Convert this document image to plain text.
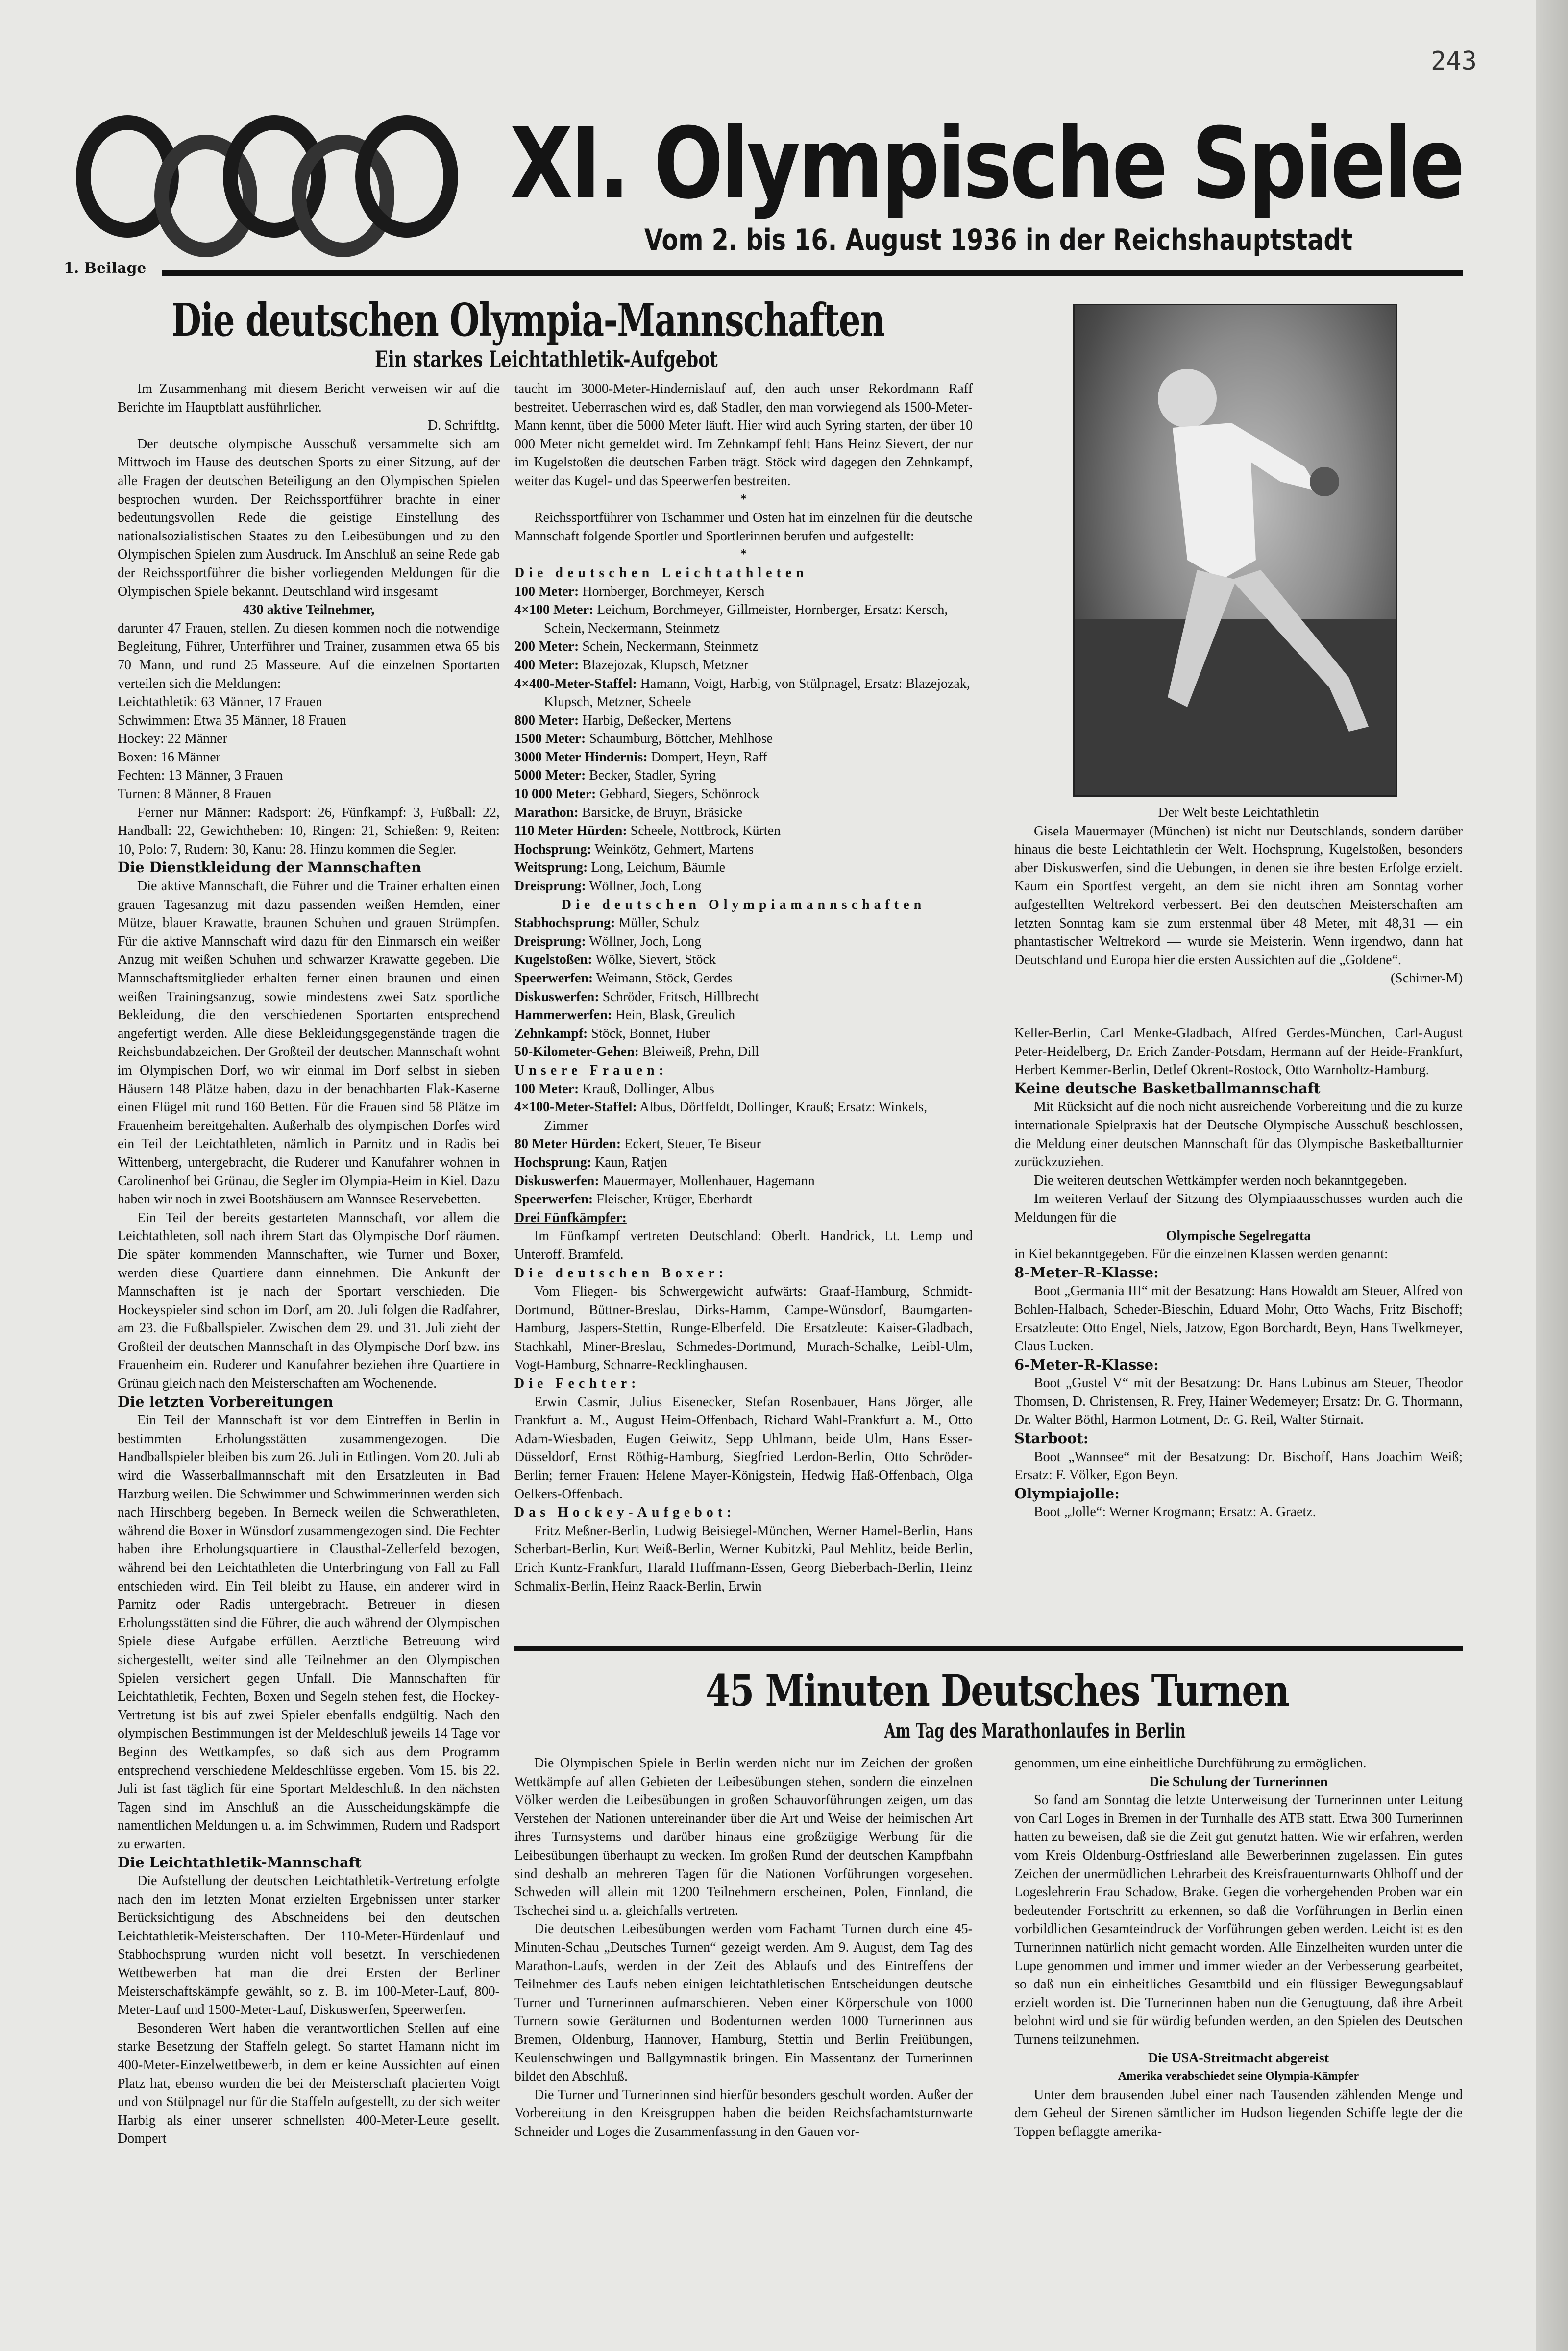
243
XI. Olympische Spiele
Vom 2. bis 16. August 1936 in der Reichshauptstadt
1. Beilage
Die deutschen Olympia-Mannschaften
Ein starkes Leichtathletik-Aufgebot

Im Zusammenhang mit diesem Bericht verweisen wir auf die Berichte im Hauptblatt ausführlicher.

D. Schriftltg.

Der deutsche olympische Ausschuß versammelte sich am Mittwoch im Hause des deutschen Sports zu einer Sitzung, auf der alle Fragen der deutschen Beteiligung an den Olympischen Spielen besprochen wurden. Der Reichssportführer brachte in einer bedeutungsvollen Rede die geistige Einstellung des nationalsozialistischen Staates zu den Leibesübungen und zu den Olympischen Spielen zum Ausdruck. Im Anschluß an seine Rede gab der Reichssportführer die bisher vorliegenden Meldungen für die Olympischen Spiele bekannt. Deutschland wird insgesamt

430 aktive Teilnehmer,

darunter 47 Frauen, stellen. Zu diesen kommen noch die notwendige Begleitung, Führer, Unterführer und Trainer, zusammen etwa 65 bis 70 Mann, und rund 25 Masseure. Auf die einzelnen Sportarten verteilen sich die Meldungen:

Leichtathletik: 63 Männer, 17 Frauen

Schwimmen: Etwa 35 Männer, 18 Frauen

Hockey: 22 Männer

Boxen: 16 Männer

Fechten: 13 Männer, 3 Frauen

Turnen: 8 Männer, 8 Frauen

Ferner nur Männer: Radsport: 26, Fünfkampf: 3, Fußball: 22, Handball: 22, Gewichtheben: 10, Ringen: 21, Schießen: 9, Reiten: 10, Polo: 7, Rudern: 30, Kanu: 28. Hinzu kommen die Segler.

Die Dienstkleidung der Mannschaften

Die aktive Mannschaft, die Führer und die Trainer erhalten einen grauen Tagesanzug mit dazu passenden weißen Hemden, einer Mütze, blauer Krawatte, braunen Schuhen und grauen Strümpfen. Für die aktive Mannschaft wird dazu für den Einmarsch ein weißer Anzug mit weißen Schuhen und schwarzer Krawatte gegeben. Die Mannschaftsmitglieder erhalten ferner einen braunen und einen weißen Trainingsanzug, sowie mindestens zwei Satz sportliche Bekleidung, die den verschiedenen Sportarten entsprechend angefertigt werden. Alle diese Bekleidungsgegenstände tragen die Reichsbundabzeichen. Der Großteil der deutschen Mannschaft wohnt im Olympischen Dorf, wo wir einmal im Dorf selbst in sieben Häusern 148 Plätze haben, dazu in der benachbarten Flak-Kaserne einen Flügel mit rund 160 Betten. Für die Frauen sind 58 Plätze im Frauenheim bereitgehalten. Außerhalb des olympischen Dorfes wird ein Teil der Leichtathleten, nämlich in Parnitz und in Radis bei Wittenberg, untergebracht, die Ruderer und Kanufahrer wohnen in Carolinenhof bei Grünau, die Segler im Olympia-Heim in Kiel. Dazu haben wir noch in zwei Bootshäusern am Wannsee Reservebetten.

Ein Teil der bereits gestarteten Mannschaft, vor allem die Leichtathleten, soll nach ihrem Start das Olympische Dorf räumen. Die später kommenden Mannschaften, wie Turner und Boxer, werden diese Quartiere dann einnehmen. Die Ankunft der Mannschaften ist je nach der Sportart verschieden. Die Hockeyspieler sind schon im Dorf, am 20. Juli folgen die Radfahrer, am 23. die Fußballspieler. Zwischen dem 29. und 31. Juli zieht der Großteil der deutschen Mannschaft in das Olympische Dorf bzw. ins Frauenheim ein. Ruderer und Kanufahrer beziehen ihre Quartiere in Grünau gleich nach den Meisterschaften am Wochenende.

Die letzten Vorbereitungen

Ein Teil der Mannschaft ist vor dem Eintreffen in Berlin in bestimmten Erholungsstätten zusammengezogen. Die Handballspieler bleiben bis zum 26. Juli in Ettlingen. Vom 20. Juli ab wird die Wasserballmannschaft mit den Ersatzleuten in Bad Harzburg weilen. Die Schwimmer und Schwimmerinnen werden sich nach Hirschberg begeben. In Berneck weilen die Schwerathleten, während die Boxer in Wünsdorf zusammengezogen sind. Die Fechter haben ihre Erholungsquartiere in Clausthal-Zellerfeld bezogen, während bei den Leichtathleten die Unterbringung von Fall zu Fall entschieden wird. Ein Teil bleibt zu Hause, ein anderer wird in Parnitz oder Radis untergebracht. Betreuer in diesen Erholungsstätten sind die Führer, die auch während der Olympischen Spiele diese Aufgabe erfüllen. Aerztliche Betreuung wird sichergestellt, weiter sind alle Teilnehmer an den Olympischen Spielen versichert gegen Unfall. Die Mannschaften für Leichtathletik, Fechten, Boxen und Segeln stehen fest, die Hockey-Vertretung ist bis auf zwei Spieler ebenfalls endgültig. Nach den olympischen Bestimmungen ist der Meldeschluß jeweils 14 Tage vor Beginn des Wettkampfes, so daß sich aus dem Programm entsprechend verschiedene Meldeschlüsse ergeben. Vom 15. bis 22. Juli ist fast täglich für eine Sportart Meldeschluß. In den nächsten Tagen sind im Anschluß an die Ausscheidungskämpfe die namentlichen Meldungen u. a. im Schwimmen, Rudern und Radsport zu erwarten.

Die Leichtathletik-Mannschaft

Die Aufstellung der deutschen Leichtathletik-Vertretung erfolgte nach den im letzten Monat erzielten Ergebnissen unter starker Berücksichtigung des Abschneidens bei den deutschen Leichtathletik-Meisterschaften. Der 110-Meter-Hürdenlauf und Stabhochsprung wurden nicht voll besetzt. In verschiedenen Wettbewerben hat man die drei Ersten der Berliner Meisterschaftskämpfe gewählt, so z. B. im 100-Meter-Lauf, 800-Meter-Lauf und 1500-Meter-Lauf, Diskuswerfen, Speerwerfen.

Besonderen Wert haben die verantwortlichen Stellen auf eine starke Besetzung der Staffeln gelegt. So startet Hamann nicht im 400-Meter-Einzelwettbewerb, in dem er keine Aussichten auf einen Platz hat, ebenso wurden die bei der Meisterschaft placierten Voigt und von Stülpnagel nur für die Staffeln aufgestellt, zu der sich weiter Harbig als einer unserer schnellsten 400-Meter-Leute gesellt. Dompert

taucht im 3000-Meter-Hindernislauf auf, den auch unser Rekordmann Raff bestreitet. Ueberraschen wird es, daß Stadler, den man vorwiegend als 1500-Meter-Mann kennt, über die 5000 Meter läuft. Hier wird auch Syring starten, der über 10 000 Meter nicht gemeldet wird. Im Zehnkampf fehlt Hans Heinz Sievert, der nur im Kugelstoßen die deutschen Farben trägt. Stöck wird dagegen den Zehnkampf, weiter das Kugel- und das Speerwerfen bestreiten.

*

Reichssportführer von Tschammer und Osten hat im einzelnen für die deutsche Mannschaft folgende Sportler und Sportlerinnen berufen und aufgestellt:

*

Die deutschen Leichtathleten

100 Meter: Hornberger, Borchmeyer, Kersch
4×100 Meter: Leichum, Borchmeyer, Gillmeister, Hornberger, Ersatz: Kersch, Schein, Neckermann, Steinmetz
200 Meter: Schein, Neckermann, Steinmetz
400 Meter: Blazejozak, Klupsch, Metzner
4×400-Meter-Staffel: Hamann, Voigt, Harbig, von Stülpnagel, Ersatz: Blazejozak, Klupsch, Metzner, Scheele
800 Meter: Harbig, Deßecker, Mertens
1500 Meter: Schaumburg, Böttcher, Mehlhose
3000 Meter Hindernis: Dompert, Heyn, Raff
5000 Meter: Becker, Stadler, Syring
10 000 Meter: Gebhard, Siegers, Schönrock
Marathon: Barsicke, de Bruyn, Bräsicke
110 Meter Hürden: Scheele, Nottbrock, Kürten
Hochsprung: Weinkötz, Gehmert, Martens
Weitsprung: Long, Leichum, Bäumle
Dreisprung: Wöllner, Joch, Long

Die deutschen Olympiamannschaften

Stabhochsprung: Müller, Schulz
Dreisprung: Wöllner, Joch, Long
Kugelstoßen: Wölke, Sievert, Stöck
Speerwerfen: Weimann, Stöck, Gerdes
Diskuswerfen: Schröder, Fritsch, Hillbrecht
Hammerwerfen: Hein, Blask, Greulich
Zehnkampf: Stöck, Bonnet, Huber
50-Kilometer-Gehen: Bleiweiß, Prehn, Dill

Unsere Frauen:

100 Meter: Krauß, Dollinger, Albus
4×100-Meter-Staffel: Albus, Dörffeldt, Dollinger, Krauß; Ersatz: Winkels, Zimmer
80 Meter Hürden: Eckert, Steuer, Te Biseur
Hochsprung: Kaun, Ratjen
Diskuswerfen: Mauermayer, Mollenhauer, Hagemann
Speerwerfen: Fleischer, Krüger, Eberhardt

Drei Fünfkämpfer:

Im Fünfkampf vertreten Deutschland: Oberlt. Handrick, Lt. Lemp und Unteroff. Bramfeld.

Die deutschen Boxer:

Vom Fliegen- bis Schwergewicht aufwärts: Graaf-Hamburg, Schmidt-Dortmund, Büttner-Breslau, Dirks-Hamm, Campe-Wünsdorf, Baumgarten-Hamburg, Jaspers-Stettin, Runge-Elberfeld. Die Ersatzleute: Kaiser-Gladbach, Stachkahl, Miner-Breslau, Schmedes-Dortmund, Murach-Schalke, Leibl-Ulm, Vogt-Hamburg, Schnarre-Recklinghausen.

Die Fechter:

Erwin Casmir, Julius Eisenecker, Stefan Rosenbauer, Hans Jörger, alle Frankfurt a. M., August Heim-Offenbach, Richard Wahl-Frankfurt a. M., Otto Adam-Wiesbaden, Eugen Geiwitz, Sepp Uhlmann, beide Ulm, Hans Esser-Düsseldorf, Ernst Röthig-Hamburg, Siegfried Lerdon-Berlin, Otto Schröder-Berlin; ferner Frauen: Helene Mayer-Königstein, Hedwig Haß-Offenbach, Olga Oelkers-Offenbach.

Das Hockey-Aufgebot:

Fritz Meßner-Berlin, Ludwig Beisiegel-München, Werner Hamel-Berlin, Hans Scherbart-Berlin, Kurt Weiß-Berlin, Werner Kubitzki, Paul Mehlitz, beide Berlin, Erich Kuntz-Frankfurt, Harald Huffmann-Essen, Georg Bieberbach-Berlin, Heinz Schmalix-Berlin, Heinz Raack-Berlin, Erwin

Der Welt beste Leichtathletin

Gisela Mauermayer (München) ist nicht nur Deutschlands, sondern darüber hinaus die beste Leichtathletin der Welt. Hochsprung, Kugelstoßen, besonders aber Diskuswerfen, sind die Uebungen, in denen sie ihre besten Erfolge erzielt. Kaum ein Sportfest vergeht, an dem sie nicht ihren am Sonntag vorher aufgestellten Weltrekord verbessert. Bei den deutschen Meisterschaften am letzten Sonntag kam sie zum erstenmal über 48 Meter, mit 48,31 — ein phantastischer Weltrekord — wurde sie Meisterin. Wenn irgendwo, dann hat Deutschland und Europa hier die ersten Aussichten auf die „Goldene“.

(Schirner-M)

Keller-Berlin, Carl Menke-Gladbach, Alfred Gerdes-München, Carl-August Peter-Heidelberg, Dr. Erich Zander-Potsdam, Hermann auf der Heide-Frankfurt, Herbert Kemmer-Berlin, Detlef Okrent-Rostock, Otto Warnholtz-Hamburg.

Keine deutsche Basketballmannschaft

Mit Rücksicht auf die noch nicht ausreichende Vorbereitung und die zu kurze internationale Spielpraxis hat der Deutsche Olympische Ausschuß beschlossen, die Meldung einer deutschen Mannschaft für das Olympische Basketballturnier zurückzuziehen.

Die weiteren deutschen Wettkämpfer werden noch bekanntgegeben.

Im weiteren Verlauf der Sitzung des Olympiaausschusses wurden auch die Meldungen für die

Olympische Segelregatta

in Kiel bekanntgegeben. Für die einzelnen Klassen werden genannt:

8-Meter-R-Klasse:

Boot „Germania III“ mit der Besatzung: Hans Howaldt am Steuer, Alfred von Bohlen-Halbach, Scheder-Bieschin, Eduard Mohr, Otto Wachs, Fritz Bischoff; Ersatzleute: Otto Engel, Niels, Jatzow, Egon Borchardt, Beyn, Hans Twelkmeyer, Claus Lucken.

6-Meter-R-Klasse:

Boot „Gustel V“ mit der Besatzung: Dr. Hans Lubinus am Steuer, Theodor Thomsen, D. Christensen, R. Frey, Hainer Wedemeyer; Ersatz: Dr. G. Thormann, Dr. Walter Böthl, Harmon Lotment, Dr. G. Reil, Walter Stirnait.

Starboot:

Boot „Wannsee“ mit der Besatzung: Dr. Bischoff, Hans Joachim Weiß; Ersatz: F. Völker, Egon Beyn.

Olympiajolle:

Boot „Jolle“: Werner Krogmann; Ersatz: A. Graetz.

45 Minuten Deutsches Turnen
Am Tag des Marathonlaufes in Berlin

Die Olympischen Spiele in Berlin werden nicht nur im Zeichen der großen Wettkämpfe auf allen Gebieten der Leibesübungen stehen, sondern die einzelnen Völker werden die Leibesübungen in großen Schauvorführungen zeigen, um das Verstehen der Nationen untereinander über die Art und Weise der heimischen Art ihres Turnsystems und darüber hinaus eine großzügige Werbung für die Leibesübungen überhaupt zu wecken. Im großen Rund der deutschen Kampfbahn sind deshalb an mehreren Tagen für die Nationen Vorführungen vorgesehen. Schweden will allein mit 1200 Teilnehmern erscheinen, Polen, Finnland, die Tschechei sind u. a. gleichfalls vertreten.

Die deutschen Leibesübungen werden vom Fachamt Turnen durch eine 45-Minuten-Schau „Deutsches Turnen“ gezeigt werden. Am 9. August, dem Tag des Marathon-Laufs, werden in der Zeit des Ablaufs und des Eintreffens der Teilnehmer des Laufs neben einigen leichtathletischen Entscheidungen deutsche Turner und Turnerinnen aufmarschieren. Neben einer Körperschule von 1000 Turnern sowie Geräturnen und Bodenturnen werden 1000 Turnerinnen aus Bremen, Oldenburg, Hannover, Hamburg, Stettin und Berlin Freiübungen, Keulenschwingen und Ballgymnastik bringen. Ein Massentanz der Turnerinnen bildet den Abschluß.

Die Turner und Turnerinnen sind hierfür besonders geschult worden. Außer der Vorbereitung in den Kreisgruppen haben die beiden Reichsfachamtsturnwarte Schneider und Loges die Zusammenfassung in den Gauen vor-

genommen, um eine einheitliche Durchführung zu ermöglichen.

Die Schulung der Turnerinnen

So fand am Sonntag die letzte Unterweisung der Turnerinnen unter Leitung von Carl Loges in Bremen in der Turnhalle des ATB statt. Etwa 300 Turnerinnen hatten zu beweisen, daß sie die Zeit gut genutzt hatten. Wie wir erfahren, werden vom Kreis Oldenburg-Ostfriesland alle Bewerberinnen zugelassen. Ein gutes Zeichen der unermüdlichen Lehrarbeit des Kreisfrauenturnwarts Ohlhoff und der Logeslehrerin Frau Schadow, Brake. Gegen die vorhergehenden Proben war ein bedeutender Fortschritt zu erkennen, so daß die Vorführungen in Berlin einen vorbildlichen Gesamteindruck der Vorführungen geben werden. Leicht ist es den Turnerinnen natürlich nicht gemacht worden. Alle Einzelheiten wurden unter die Lupe genommen und immer und immer wieder an der Verbesserung gearbeitet, so daß nun ein einheitliches Gesamtbild und ein flüssiger Bewegungsablauf erzielt worden ist. Die Turnerinnen haben nun die Genugtuung, daß ihre Arbeit belohnt wird und sie für würdig befunden werden, an den Spielen des Deutschen Turnens teilzunehmen.

Die USA-Streitmacht abgereist

Amerika verabschiedet seine Olympia-Kämpfer

Unter dem brausenden Jubel einer nach Tausenden zählenden Menge und dem Geheul der Sirenen sämtlicher im Hudson liegenden Schiffe legte der die Toppen beflaggte amerika-
